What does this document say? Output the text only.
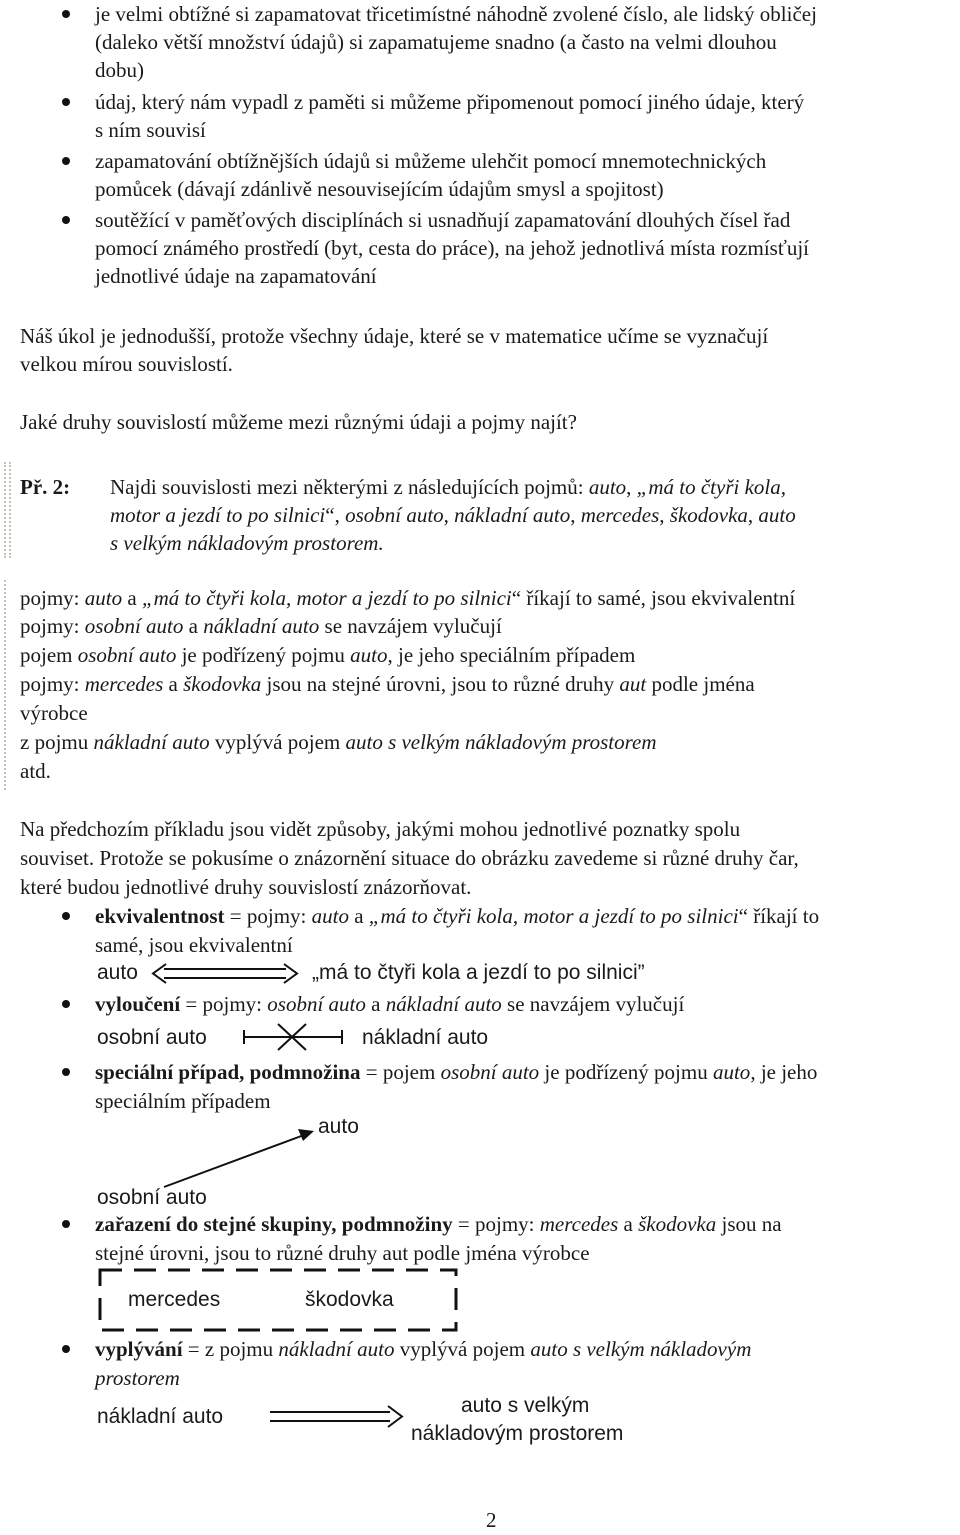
je velmi obtížné si zapamatovat třicetimístné náhodně zvolené číslo, ale lidský obličej
(daleko větší množství údajů) si zapamatujeme snadno (a často na velmi dlouhou
dobu)
údaj, který nám vypadl z paměti si můžeme připomenout pomocí jiného údaje, který
s ním souvisí
zapamatování obtížnějších údajů si můžeme ulehčit pomocí mnemotechnických
pomůcek (dávají zdánlivě nesouvisejícím údajům smysl a spojitost)
soutěžící v paměťových disciplínách si usnadňují zapamatování dlouhých čísel řad
pomocí známého prostředí (byt, cesta do práce), na jehož jednotlivá místa rozmísťují
jednotlivé údaje na zapamatování
Náš úkol je jednodušší, protože všechny údaje, které se v matematice učíme se vyznačují
velkou mírou souvislostí.
Jaké druhy souvislostí můžeme mezi různými údaji a pojmy najít?
Př. 2: Najdi souvislosti mezi některými z následujících pojmů: auto, „má to čtyři kola,
motor a jezdí to po silnici“, osobní auto, nákladní auto, mercedes, škodovka, auto
s velkým nákladovým prostorem.
pojmy: auto a „má to čtyři kola, motor a jezdí to po silnici“ říkají to samé, jsou ekvivalentní
pojmy: osobní auto a nákladní auto se navzájem vylučují
pojem osobní auto je podřízený pojmu auto, je jeho speciálním případem
pojmy: mercedes a škodovka jsou na stejné úrovni, jsou to různé druhy aut podle jména
výrobce
z pojmu nákladní auto vyplývá pojem auto s velkým nákladovým prostorem
atd.
Na předchozím příkladu jsou vidět způsoby, jakými mohou jednotlivé poznatky spolu
souviset. Protože se pokusíme o znázornění situace do obrázku zavedeme si různé druhy čar,
které budou jednotlivé druhy souvislostí znázorňovat.
ekvivalentnost = pojmy: auto a „má to čtyři kola, motor a jezdí to po silnici“ říkají to
samé, jsou ekvivalentní
auto	„má to čtyři kola a jezdí to po silnici”
vyloučení = pojmy: osobní auto a nákladní auto se navzájem vylučují
osobní auto	nákladní auto
speciální případ, podmnožina = pojem osobní auto je podřízený pojmu auto, je jeho
speciálním případem
auto
osobní auto
zařazení do stejné skupiny, podmnožiny = pojmy: mercedes a škodovka jsou na
stejné úrovni, jsou to různé druhy aut podle jména výrobce
mercedes	škodovka
vyplývání = z pojmu nákladní auto vyplývá pojem auto s velkým nákladovým
prostorem
nákladní auto	auto s velkým
nákladovým prostorem
2
